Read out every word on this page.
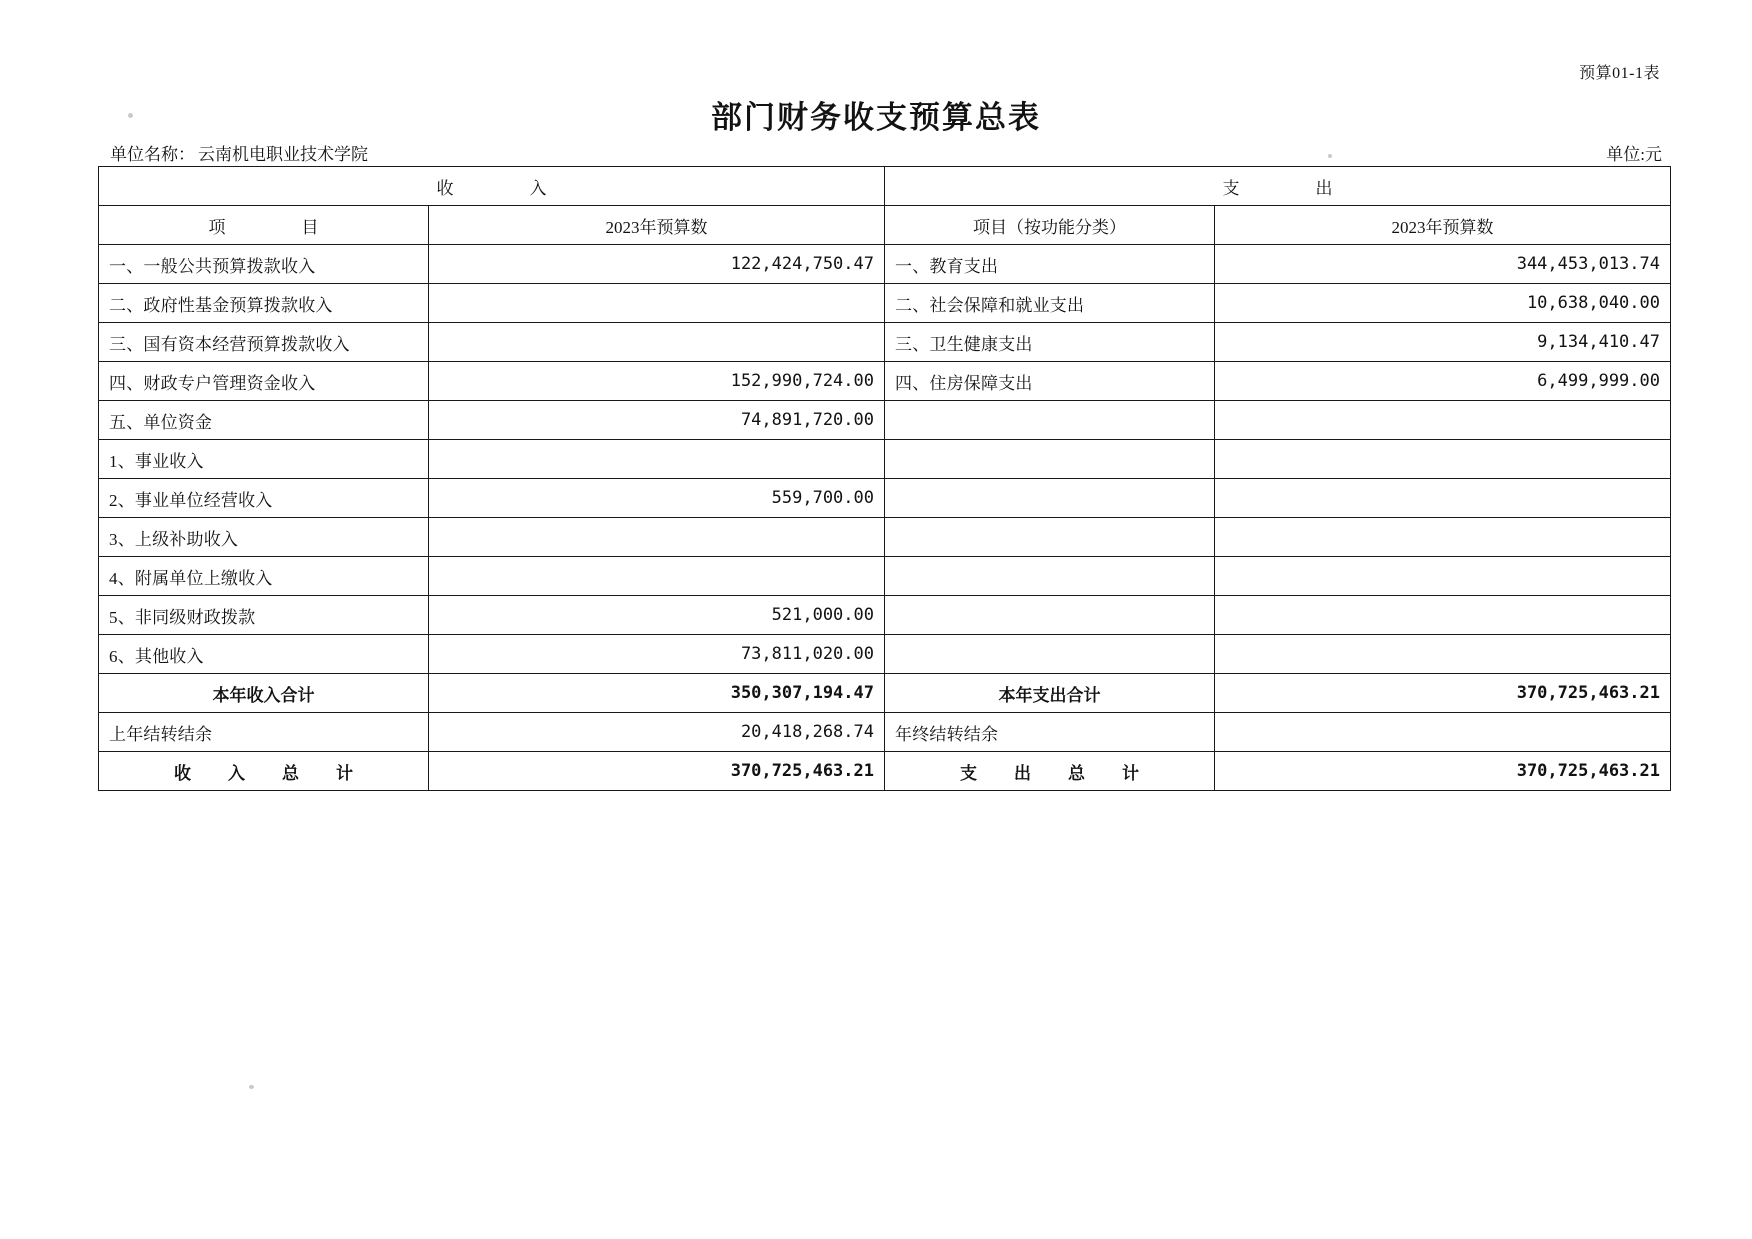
预算01-1表
部门财务收支预算总表
单位名称： 云南机电职业技术学院	单位:元
收　　入		支　　出	
项　　目	2023年预算数	项目（按功能分类）	2023年预算数
一、一般公共预算拨款收入	122,424,750.47	一、教育支出	344,453,013.74
二、政府性基金预算拨款收入		二、社会保障和就业支出	10,638,040.00
三、国有资本经营预算拨款收入		三、卫生健康支出	9,134,410.47
四、财政专户管理资金收入	152,990,724.00	四、住房保障支出	6,499,999.00
五、单位资金	74,891,720.00		
1、事业收入			
2、事业单位经营收入	559,700.00		
3、上级补助收入			
4、附属单位上缴收入			
5、非同级财政拨款	521,000.00		
6、其他收入	73,811,020.00		
本年收入合计	350,307,194.47	本年支出合计	370,725,463.21
上年结转结余	20,418,268.74	年终结转结余	
收　入　总　计	370,725,463.21	支　出　总　计	370,725,463.21
